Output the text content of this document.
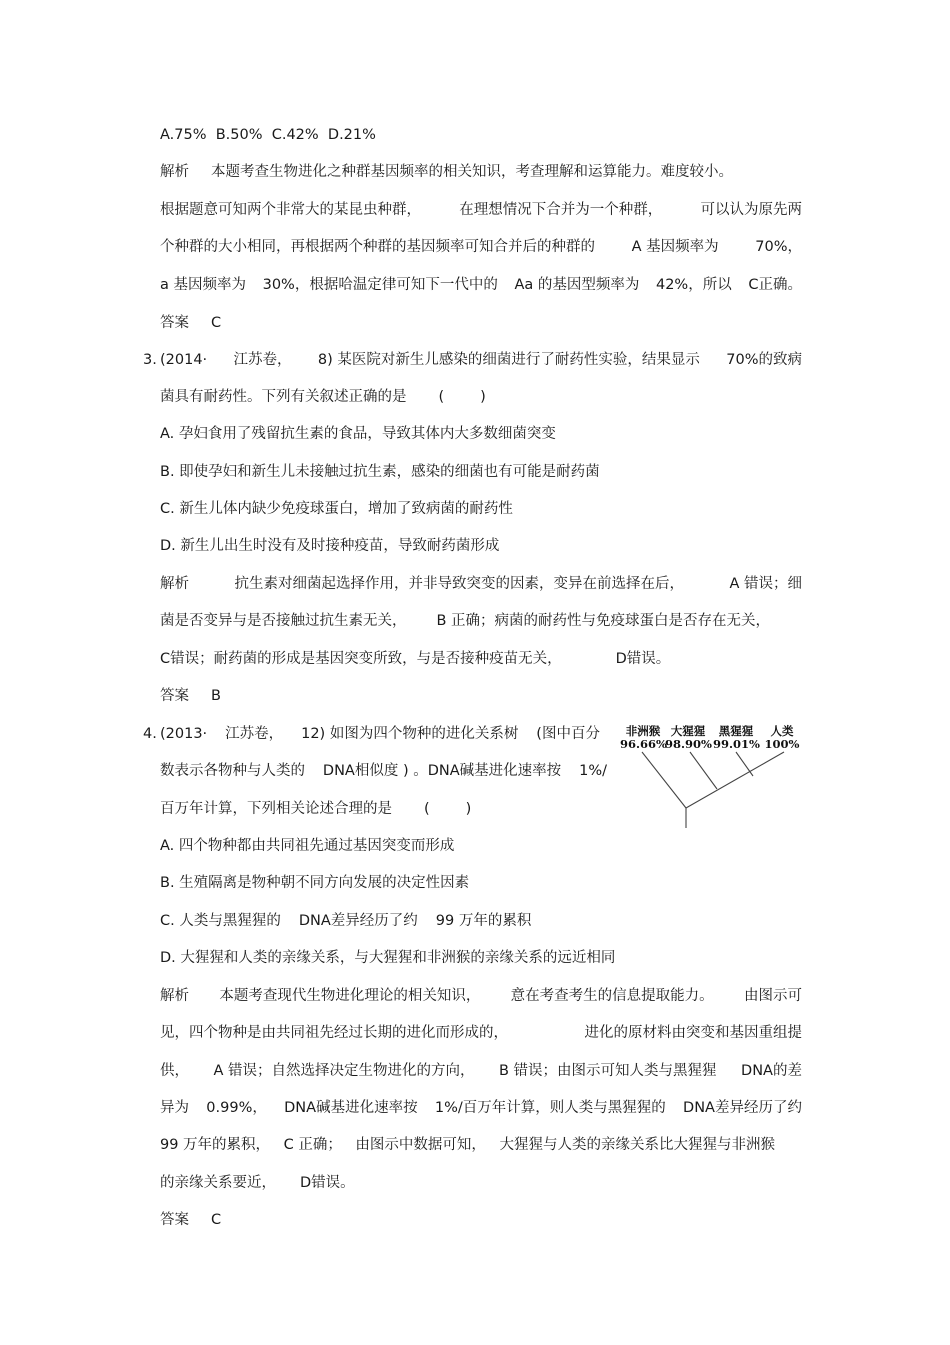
A.75%  B.50%  C.42%  D.21%
解析 本题考查生物进化之种群基因频率的相关知识，考查理解和运算能力。难度较小。
根据题意可知两个非常大的某昆虫种群，	在理想情况下合并为一个种群，	可以认为原先两
个种群的大小相同，再根据两个种群的基因频率可知合并后的种群的	A 基因频率为	70%，
a 基因频率为 30%，根据哈温定律可知下一代中的 Aa 的基因型频率为 42%，所以 C正确。
答案 C
3. (2014· 江苏卷， 8) 某医院对新生儿感染的细菌进行了耐药性实验，结果显示 70%的致病
菌具有耐药性。下列有关叙述正确的是 ( )
A. 孕妇食用了残留抗生素的食品，导致其体内大多数细菌突变
B. 即使孕妇和新生儿未接触过抗生素，感染的细菌也有可能是耐药菌
C. 新生儿体内缺少免疫球蛋白，增加了致病菌的耐药性
D. 新生儿出生时没有及时接种疫苗，导致耐药菌形成
解析	抗生素对细菌起选择作用，并非导致突变的因素，变异在前选择在后，	A 错误；细
菌是否变异与是否接触过抗生素无关， B 正确；病菌的耐药性与免疫球蛋白是否存在无关，
C错误；耐药菌的形成是基因突变所致，与是否接种疫苗无关，	D错误。
答案 B
4. (2013· 江苏卷， 12) 如图为四个物种的进化关系树 (图中百分
数表示各物种与人类的 DNA相似度 ) 。DNA碱基进化速率按 1%/
百万年计算，下列相关论述合理的是 ( )
A. 四个物种都由共同祖先通过基因突变而形成
B. 生殖隔离是物种朝不同方向发展的决定性因素
C. 人类与黑猩猩的 DNA差异经历了约 99 万年的累积
D. 大猩猩和人类的亲缘关系，与大猩猩和非洲猴的亲缘关系的远近相同
解析 本题考查现代生物进化理论的相关知识， 意在考查考生的信息提取能力。 由图示可
见，四个物种是由共同祖先经过长期的进化而形成的，	进化的原材料由突变和基因重组提
供， A 错误；自然选择决定生物进化的方向， B 错误；由图示可知人类与黑猩猩 DNA的差
异为 0.99%， DNA碱基进化速率按 1%/百万年计算，则人类与黑猩猩的 DNA差异经历了约
99 万年的累积， C 正确； 由图示中数据可知， 大猩猩与人类的亲缘关系比大猩猩与非洲猴
的亲缘关系要近， D错误。
答案 C
非洲猴
96.66%
大猩猩
98.90%
黑猩猩
99.01%
人类
100%
